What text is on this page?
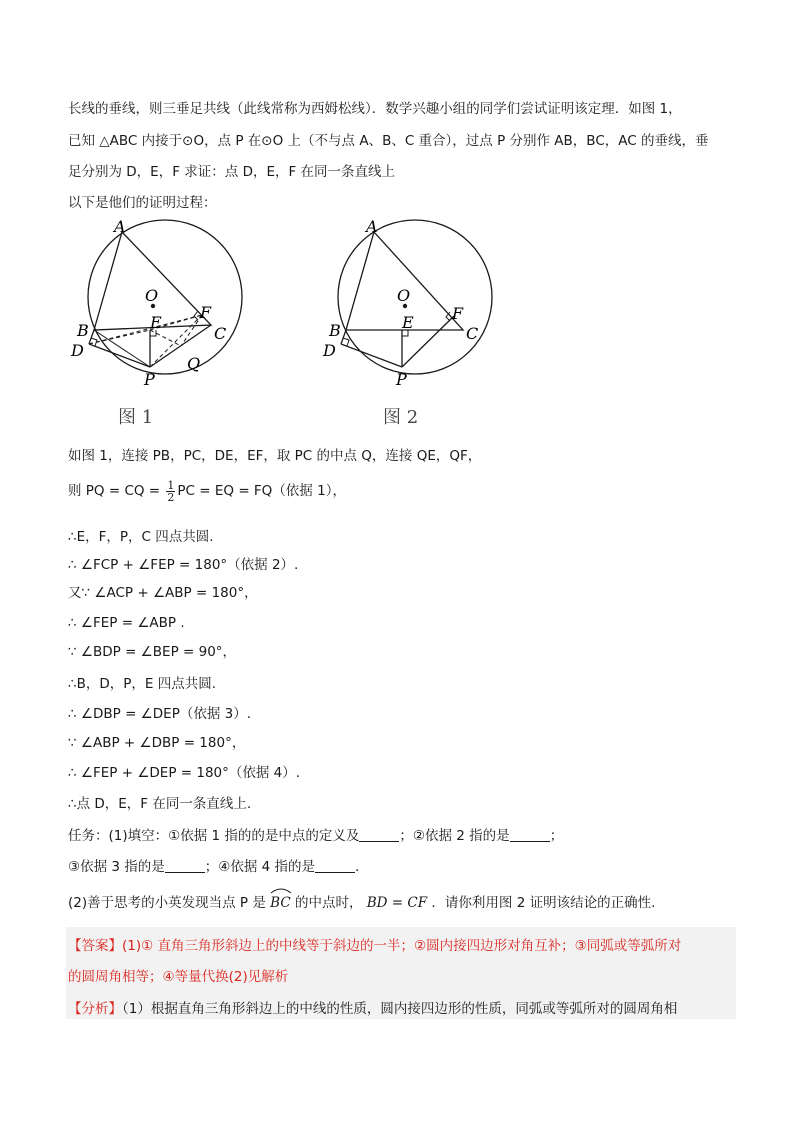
长线的垂线，则三垂足共线（此线常称为西姆松线）．数学兴趣小组的同学们尝试证明该定理．如图 1，
已知 △ABC 内接于⊙O，点 P 在⊙O 上（不与点 A、B、C 重合），过点 P 分别作 AB，BC，AC 的垂线，垂
足分别为 D，E，F 求证：点 D，E，F 在同一条直线上
以下是他们的证明过程：
A
O
F
E
B	C
D
P
Q
图 1
A
O
F
E
B	C
D
P
图 2
如图 1，连接 PB，PC，DE，EF，取 PC 的中点 Q，连接 QE，QF，
则 PQ = CQ = $\frac{1}{2}$ PC = EQ = FQ（依据 1），
∴E，F，P，C 四点共圆.
∴ ∠FCP + ∠FEP = 180°（依据 2）.
又∵ ∠ACP + ∠ABP = 180°，
∴ ∠FEP = ∠ABP .
∵ ∠BDP = ∠BEP = 90°，
∴B，D，P，E 四点共圆.
∴ ∠DBP = ∠DEP（依据 3）.
∵ ∠ABP + ∠DBP = 180°，
∴ ∠FEP + ∠DEP = 180°（依据 4）.
∴点 D，E，F 在同一条直线上.
任务：(1)填空：①依据 1 指的的是中点的定义及	；②依据 2 指的是	；
③依据 3 指的是	；④依据 4 指的是	．
(2)善于思考的小英发现当点 P 是 BC 的中点时， BD = CF ．请你利用图 2 证明该结论的正确性.
【答案】(1)① 直角三角形斜边上的中线等于斜边的一半；②圆内接四边形对角互补；③同弧或等弧所对
的圆周角相等；④等量代换(2)见解析
【分析】（1）根据直角三角形斜边上的中线的性质，圆内接四边形的性质，同弧或等弧所对的圆周角相
